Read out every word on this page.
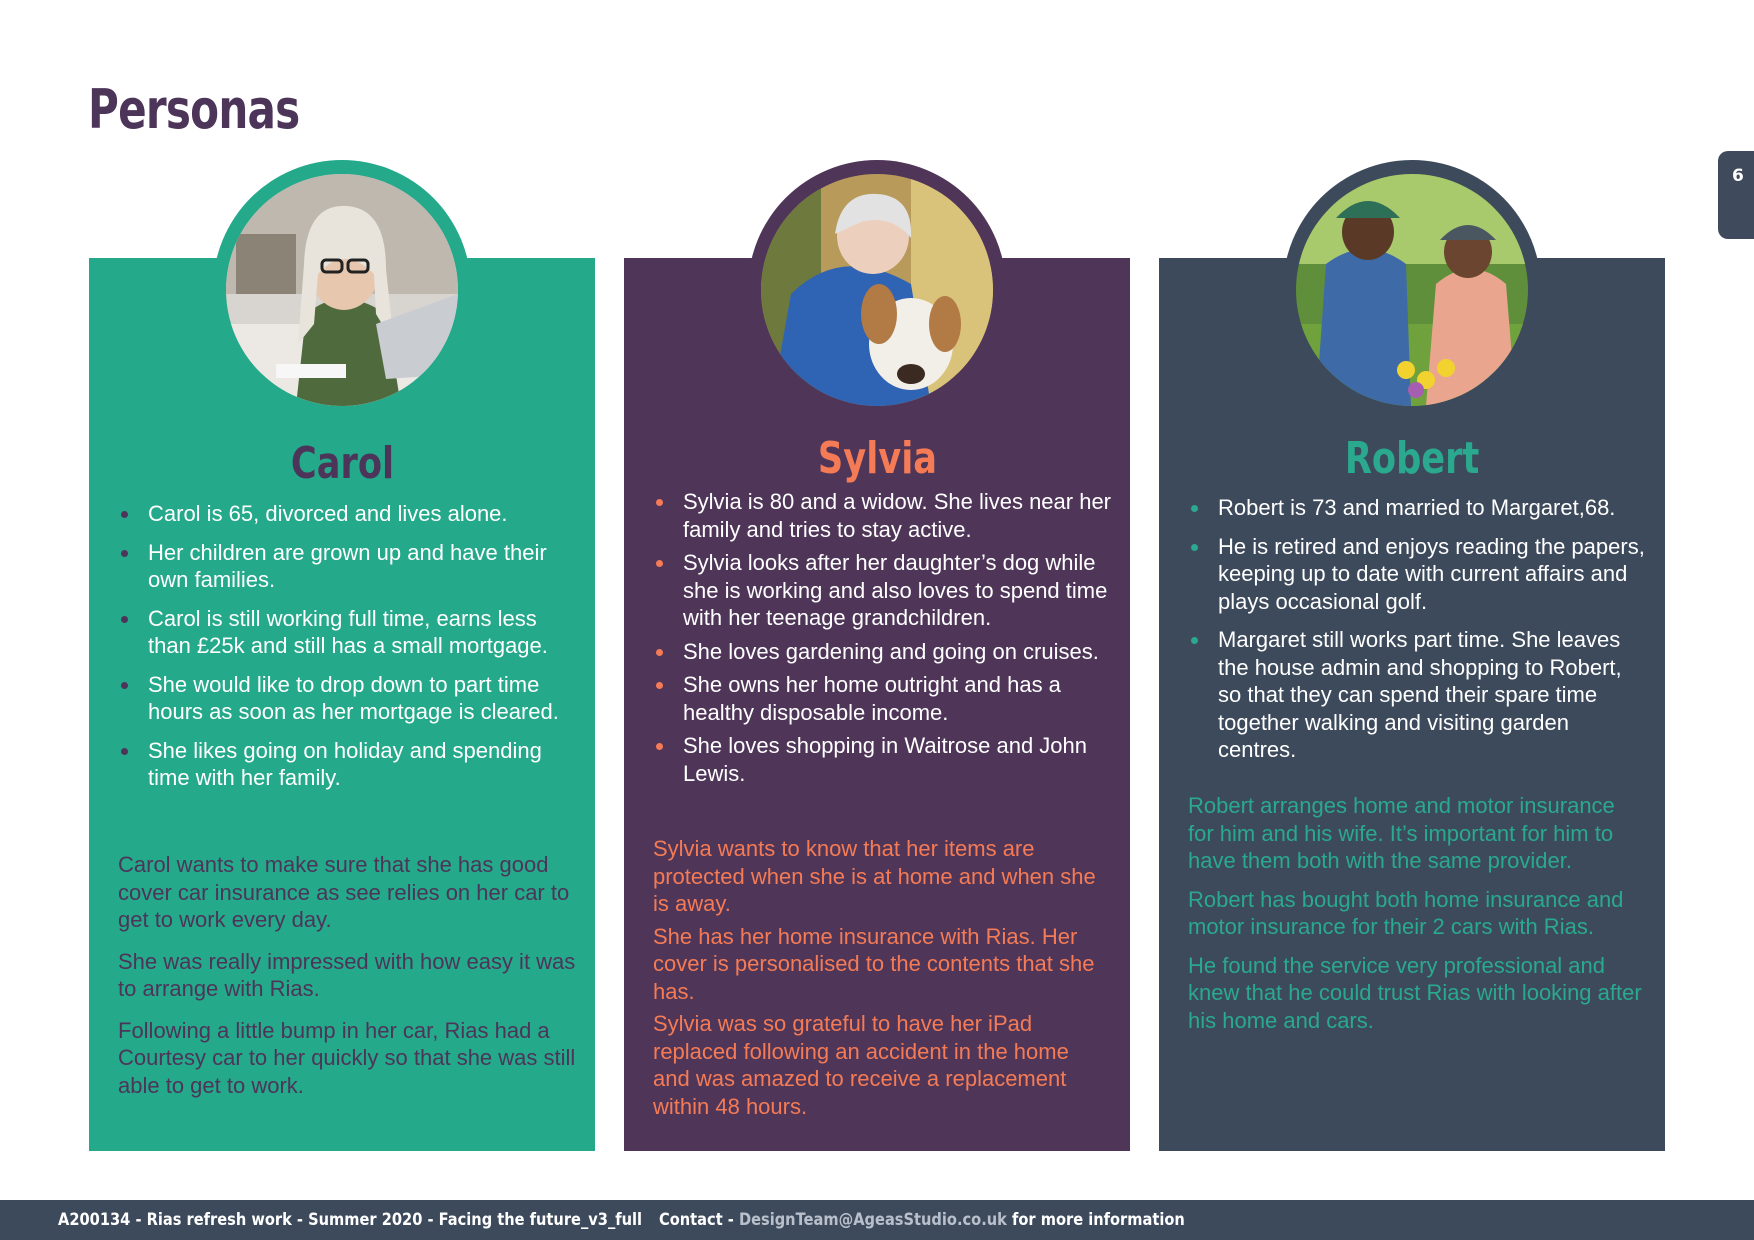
Personas
6
Carol
Carol is 65, divorced and lives alone.
Her children are grown up and have their own families.
Carol is still working full time, earns less than £25k and still has a small mortgage.
She would like to drop down to part time hours as soon as her mortgage is cleared.
She likes going on holiday and spending time with her family.

Carol wants to make sure that she has good cover car insurance as see relies on her car to get to work every day.

She was really impressed with how easy it was to arrange with Rias.

Following a little bump in her car, Rias had a Courtesy car to her quickly so that she was still able to get to work.

Sylvia
Sylvia is 80 and a widow. She lives near her family and tries to stay active.
Sylvia looks after her daughter’s dog while she is working and also loves to spend time with her teenage grandchildren.
She loves gardening and going on cruises.
She owns her home outright and has a healthy disposable income.
She loves shopping in Waitrose and John Lewis.

Sylvia wants to know that her items are protected when she is at home and when she is away.

She has her home insurance with Rias. Her cover is personalised to the contents that she has.

Sylvia was so grateful to have her iPad replaced following an accident in the home and was amazed to receive a replacement within 48 hours.

Robert
Robert is 73 and married to Margaret,68.
He is retired and enjoys reading the papers, keeping up to date with current affairs and plays occasional golf.
Margaret still works part time. She leaves the house admin and shopping to Robert, so that they can spend their spare time together walking and visiting garden centres.

Robert arranges home and motor insurance for him and his wife. It’s important for him to have them both with the same provider.

Robert has bought both home insurance and motor insurance for their 2 cars with Rias.

He found the service very professional and knew that he could trust Rias with looking after his home and cars.

A200134 - Rias refresh work - Summer 2020 - Facing the future_v3_full Contact - DesignTeam@AgeasStudio.co.uk for more information
